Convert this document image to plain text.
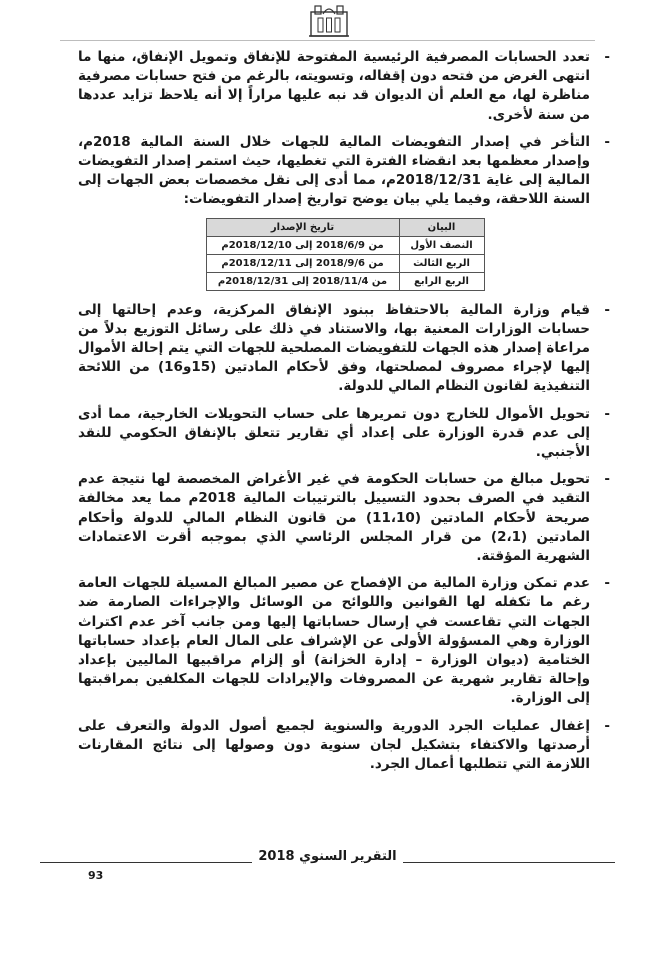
- تعدد الحسابات المصرفية الرئيسية المفتوحة للإنفاق وتمويل الإنفاق، منها ما انتهى الغرض من فتحه دون إقفاله، وتسويته، بالرغم من فتح حسابات مصرفية مناظرة لها، مع العلم أن الديوان قد نبه عليها مراراً إلا أنه يلاحظ تزايد عددها من سنة لأخرى.

- التأخر في إصدار التفويضات المالية للجهات خلال السنة المالية 2018م، وإصدار معظمها بعد انقضاء الفترة التي تغطيها، حيث استمر إصدار التفويضات المالية إلى غاية 2018/12/31م، مما أدى إلى نقل مخصصات بعض الجهات إلى السنة اللاحقة، وفيما يلي بيان يوضح تواريخ إصدار التفويضات:

البيان	تاريخ الإصدار
النصف الأول	من 2018/6/9 إلى 2018/12/10م
الربع الثالث	من 2018/9/6 إلى 2018/12/11م
الربع الرابع	من 2018/11/4 إلى 2018/12/31م

- قيام وزارة المالية بالاحتفاظ ببنود الإنفاق المركزية، وعدم إحالتها إلى حسابات الوزارات المعنية بها، والاستناد في ذلك على رسائل التوزيع بدلاً من مراعاة إصدار هذه الجهات للتفويضات المصلحية للجهات التي يتم إحالة الأموال إليها لإجراء مصروف لمصلحتها، وفق لأحكام المادتين (15و16) من اللائحة التنفيذية لقانون النظام المالي للدولة.

- تحويل الأموال للخارج دون تمريرها على حساب التحويلات الخارجية، مما أدى إلى عدم قدرة الوزارة على إعداد أي تقارير تتعلق بالإنفاق الحكومي للنقد الأجنبي.

- تحويل مبالغ من حسابات الحكومة في غير الأغراض المخصصة لها نتيجة عدم التقيد في الصرف بحدود التسييل بالترتيبات المالية 2018م مما يعد مخالفة صريحة لأحكام المادتين (11،10) من قانون النظام المالي للدولة وأحكام المادتين (2،1) من قرار المجلس الرئاسي الذي بموجبه أقرت الاعتمادات الشهرية المؤقتة.

- عدم تمكن وزارة المالية من الإفصاح عن مصير المبالغ المسيلة للجهات العامة رغم ما تكفله لها القوانين واللوائح من الوسائل والإجراءات الصارمة ضد الجهات التي تقاعست في إرسال حساباتها إليها ومن جانب آخر عدم اكتراث الوزارة وهي المسؤولة الأولى عن الإشراف على المال العام بإعداد حساباتها الختامية (ديوان الوزارة – إدارة الخزانة) أو إلزام مراقبيها الماليين بإعداد وإحالة تقارير شهرية عن المصروفات والإيرادات للجهات المكلفين بمراقبتها إلى الوزارة.

- إغفال عمليات الجرد الدورية والسنوية لجميع أصول الدولة والتعرف على أرصدتها والاكتفاء بتشكيل لجان سنوية دون وصولها إلى نتائج المقارنات اللازمة التي تتطلبها أعمال الجرد.

التقرير السنوي 2018
93
